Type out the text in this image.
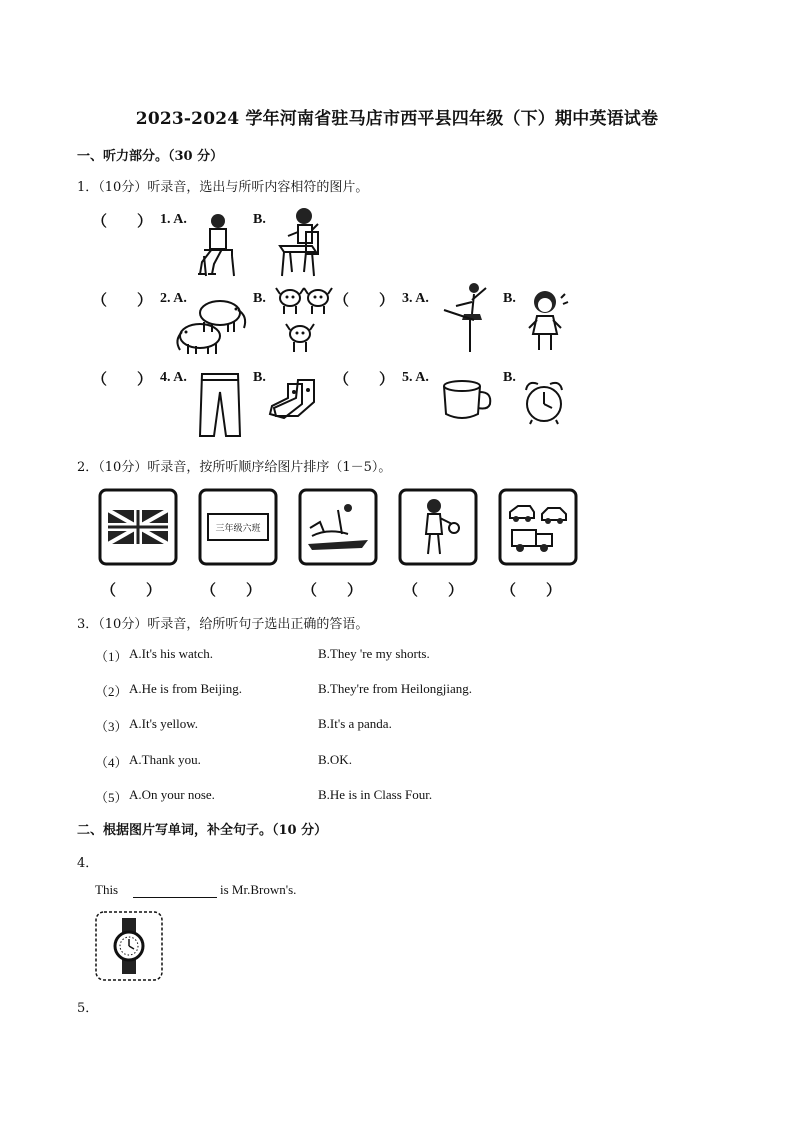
2023-2024 学年河南省驻马店市西平县四年级（下）期中英语试卷
一、听力部分。（30 分）
1．（10分）听录音，选出与所听内容相符的图片。
（　　） 1. A.	B.
（　　） 2. A.	B.	（　　） 3. A.	B.
（　　） 4. A.	B.	（　　） 5. A.	B.
2．（10分）听录音，按所听顺序给图片排序（1－5）。
三年级六班
（　　）	（　　）	（　　）	（　　）	（　　）
3．（10分）听录音，给所听句子选出正确的答语。
（1） A.It's his watch.	B.They 're my shorts.
（2） A.He is from Beijing.	B.They're from Heilongjiang.
（3） A.It's yellow.	B.It's a panda.
（4） A.Thank you.	B.OK.
（5） A.On your nose.	B.He is in Class Four.
二、根据图片写单词，补全句子。（10 分）
4．
This	is Mr.Brown's.
5．
